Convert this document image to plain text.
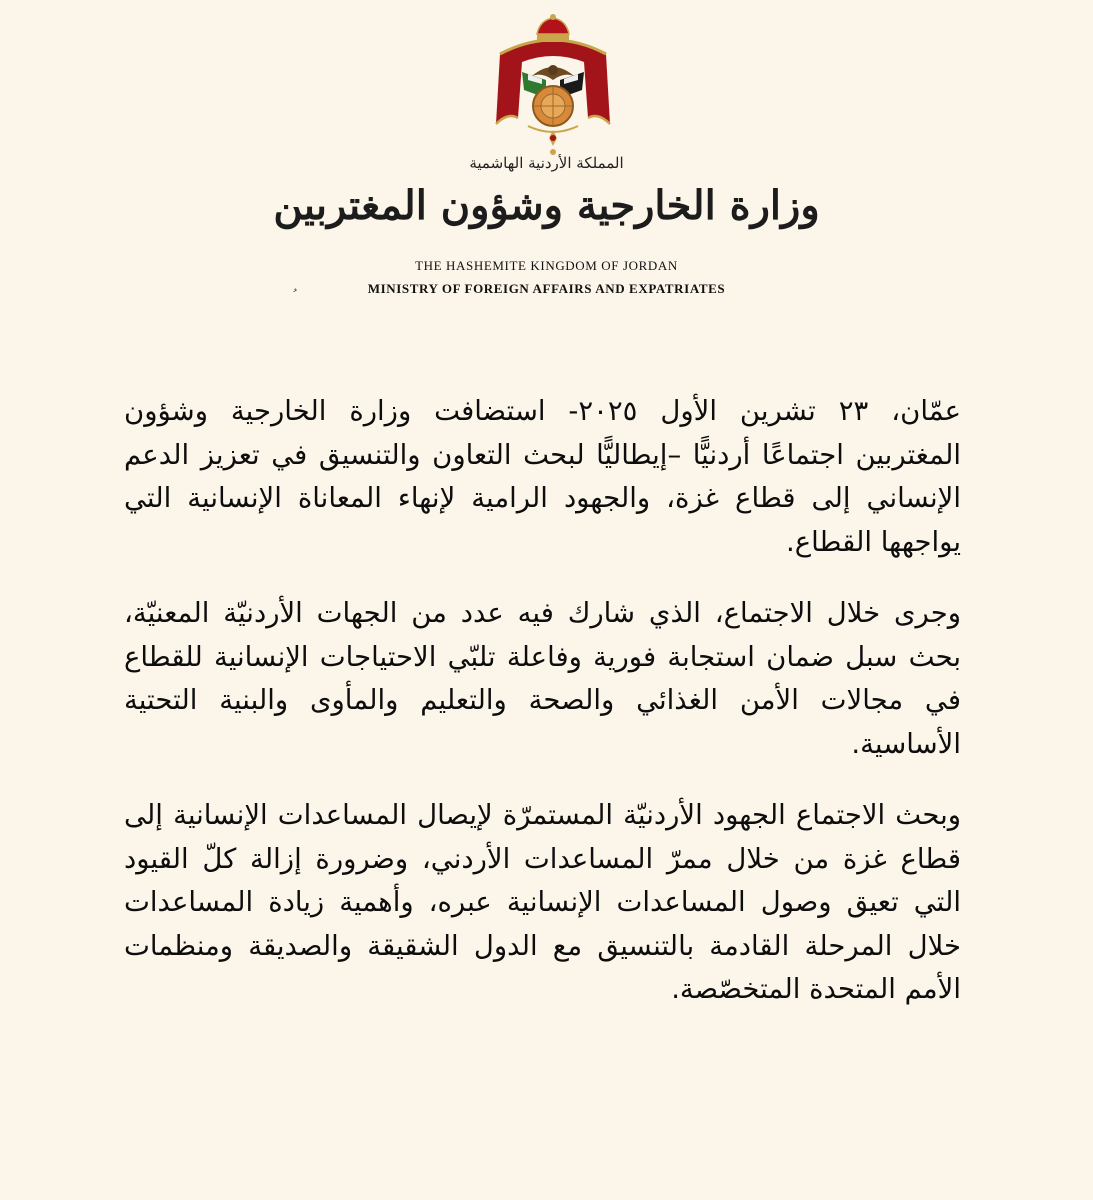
المملكة الأردنية الهاشمية
وزارة الخارجية وشؤون المغتربين
THE HASHEMITE KINGDOM OF JORDAN
MINISTRY OF FOREIGN AFFAIRS AND EXPATRIATES

عمّان، ٢٣ تشرين الأول ٢٠٢٥- استضافت وزارة الخارجية وشؤون المغتربين اجتماعًا أردنيًّا –إيطاليًّا لبحث التعاون والتنسيق في تعزيز الدعم الإنساني إلى قطاع غزة، والجهود الرامية لإنهاء المعاناة الإنسانية التي يواجهها القطاع.

وجرى خلال الاجتماع، الذي شارك فيه عدد من الجهات الأردنيّة المعنيّة، بحث سبل ضمان استجابة فورية وفاعلة تلبّي الاحتياجات الإنسانية للقطاع في مجالات الأمن الغذائي والصحة والتعليم والمأوى والبنية التحتية الأساسية.

وبحث الاجتماع الجهود الأردنيّة المستمرّة لإيصال المساعدات الإنسانية إلى قطاع غزة من خلال ممرّ المساعدات الأردني، وضرورة إزالة كلّ القيود التي تعيق وصول المساعدات الإنسانية عبره، وأهمية زيادة المساعدات خلال المرحلة القادمة بالتنسيق مع الدول الشقيقة والصديقة ومنظمات الأمم المتحدة المتخصّصة.
